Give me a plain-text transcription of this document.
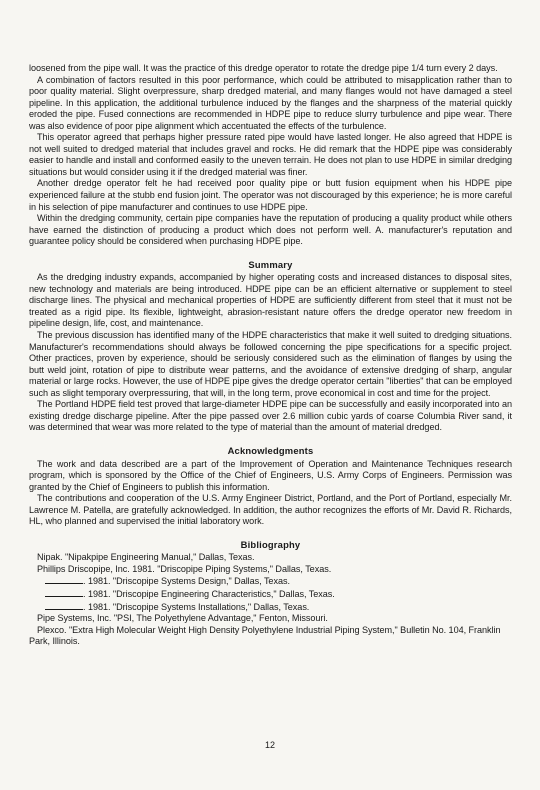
loosened from the pipe wall. It was the practice of this dredge operator to rotate the dredge pipe 1/4 turn every 2 days.

A combination of factors resulted in this poor performance, which could be attributed to misapplication rather than to poor quality material. Slight overpressure, sharp dredged material, and many flanges would not have damaged a steel pipeline. In this application, the additional turbulence induced by the flanges and the sharpness of the material quickly eroded the pipe. Fused connections are recommended in HDPE pipe to reduce slurry turbulence and pipe wear. There was also evidence of poor pipe alignment which accentuated the effects of the turbulence.

This operator agreed that perhaps higher pressure rated pipe would have lasted longer. He also agreed that HDPE is not well suited to dredged material that includes gravel and rocks. He did remark that the HDPE pipe was considerably easier to handle and install and conformed easily to the uneven terrain. He does not plan to use HDPE in similar dredging situations but would consider using it if the dredged material was finer.

Another dredge operator felt he had received poor quality pipe or butt fusion equipment when his HDPE pipe experienced failure at the stubb end fusion joint. The operator was not discouraged by this experience; he is more careful in his selection of pipe manufacturer and continues to use HDPE pipe.

Within the dredging community, certain pipe companies have the reputation of producing a quality product while others have earned the distinction of producing a product which does not perform well. A. manufacturer's reputation and guarantee policy should be considered when purchasing HDPE pipe.

Summary

As the dredging industry expands, accompanied by higher operating costs and increased distances to disposal sites, new technology and materials are being introduced. HDPE pipe can be an efficient alternative or supplement to steel discharge lines. The physical and mechanical properties of HDPE are sufficiently different from steel that it must not be treated as a rigid pipe. Its flexible, lightweight, abrasion-resistant nature offers the dredge operator new freedom in pipeline design, life, cost, and maintenance.

The previous discussion has identified many of the HDPE characteristics that make it well suited to dredging situations. Manufacturer's recommendations should always be followed concerning the pipe specifications for a specific project. Other practices, proven by experience, should be seriously considered such as the elimination of flanges by using the butt weld joint, rotation of pipe to distribute wear patterns, and the avoidance of extensive dredging of sharp, angular material or large rocks. However, the use of HDPE pipe gives the dredge operator certain "liberties" that can be employed such as slight temporary overpressuring, that will, in the long term, prove economical in cost and time for the project.

The Portland HDPE field test proved that large-diameter HDPE pipe can be successfully and easily incorporated into an existing dredge discharge pipeline. After the pipe passed over 2.6 million cubic yards of coarse Columbia River sand, it was determined that wear was more related to the type of material than the amount of material dredged.

Acknowledgments

The work and data described are a part of the Improvement of Operation and Maintenance Techniques research program, which is sponsored by the Office of the Chief of Engineers, U.S. Army Corps of Engineers. Permission was granted by the Chief of Engineers to publish this information.

The contributions and cooperation of the U.S. Army Engineer District, Portland, and the Port of Portland, especially Mr. Lawrence M. Patella, are gratefully acknowledged. In addition, the author recognizes the efforts of Mr. David R. Richards, HL, who planned and supervised the initial laboratory work.

Bibliography

Nipak. "Nipakpipe Engineering Manual," Dallas, Texas.

Phillips Driscopipe, Inc. 1981. "Driscopipe Piping Systems," Dallas, Texas.

. 1981. "Driscopipe Systems Design," Dallas, Texas.

. 1981. "Driscopipe Engineering Characteristics," Dallas, Texas.

. 1981. "Driscopipe Systems Installations," Dallas, Texas.

Pipe Systems, Inc. "PSI, The Polyethylene Advantage," Fenton, Missouri.

Plexco. "Extra High Molecular Weight High Density Polyethylene Industrial Piping System," Bulletin No. 104, Franklin Park, Illinois.

12
